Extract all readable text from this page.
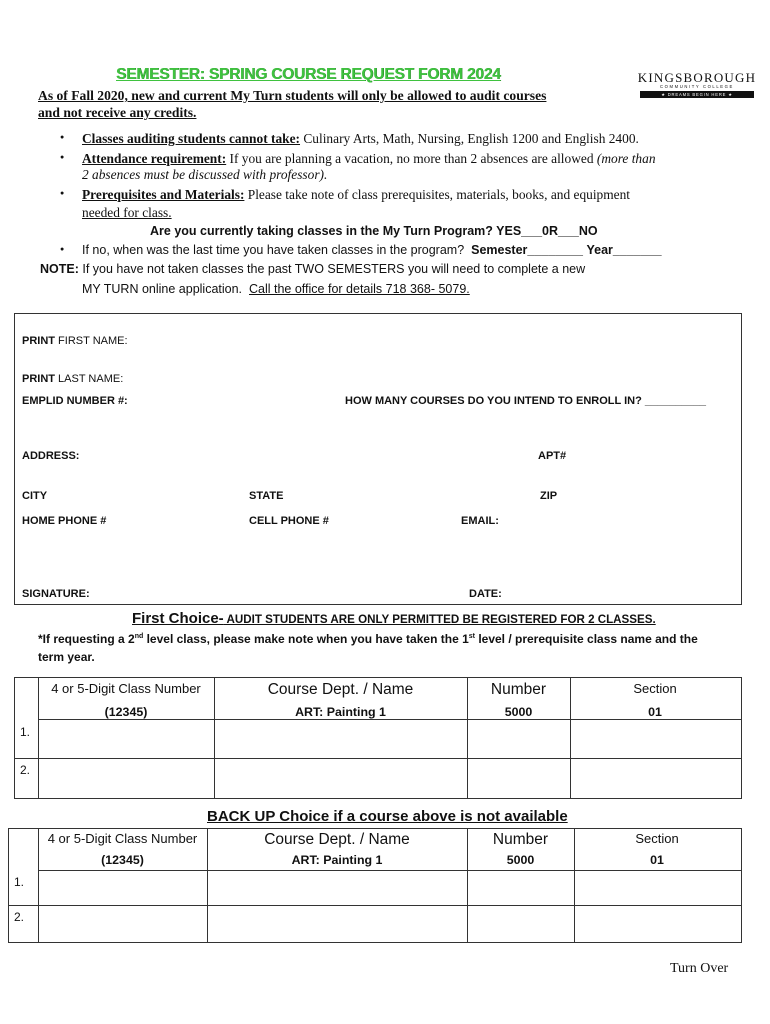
SEMESTER: SPRING COURSE REQUEST FORM 2024	KINGSBOROUGH
COMMUNITY COLLEGE
★ DREAMS BEGIN HERE ★
As of Fall 2020, new and current My Turn students will only be allowed to audit courses
and not receive any credits.
● Classes auditing students cannot take: Culinary Arts, Math, Nursing, English 1200 and English 2400.
● Attendance requirement: If you are planning a vacation, no more than 2 absences are allowed (more than
2 absences must be discussed with professor).
● Prerequisites and Materials: Please take note of class prerequisites, materials, books, and equipment
needed for class.
Are you currently taking classes in the My Turn Program? YES___0R___NO
● If no, when was the last time you have taken classes in the program? Semester________ Year_______
NOTE: If you have not taken classes the past TWO SEMESTERS you will need to complete a new
MY TURN online application. Call the office for details 718 368- 5079.
PRINT FIRST NAME:
PRINT LAST NAME:
EMPLID NUMBER #:	HOW MANY COURSES DO YOU INTEND TO ENROLL IN? __________
ADDRESS:	APT#
CITY	STATE	ZIP
HOME PHONE #	CELL PHONE #	EMAIL:
SIGNATURE:	DATE:
First Choice- AUDIT STUDENTS ARE ONLY PERMITTED BE REGISTERED FOR 2 CLASSES.
*If requesting a 2nd level class, please make note when you have taken the 1st level / prerequisite class name and the
term year.
4 or 5-Digit Class Number	Course Dept. / Name	Number	Section
(12345)	ART: Painting 1	5000	01
1.
2.
BACK UP Choice if a course above is not available
4 or 5-Digit Class Number	Course Dept. / Name	Number	Section
(12345)	ART: Painting 1	5000	01
1.
2.
Turn Over
